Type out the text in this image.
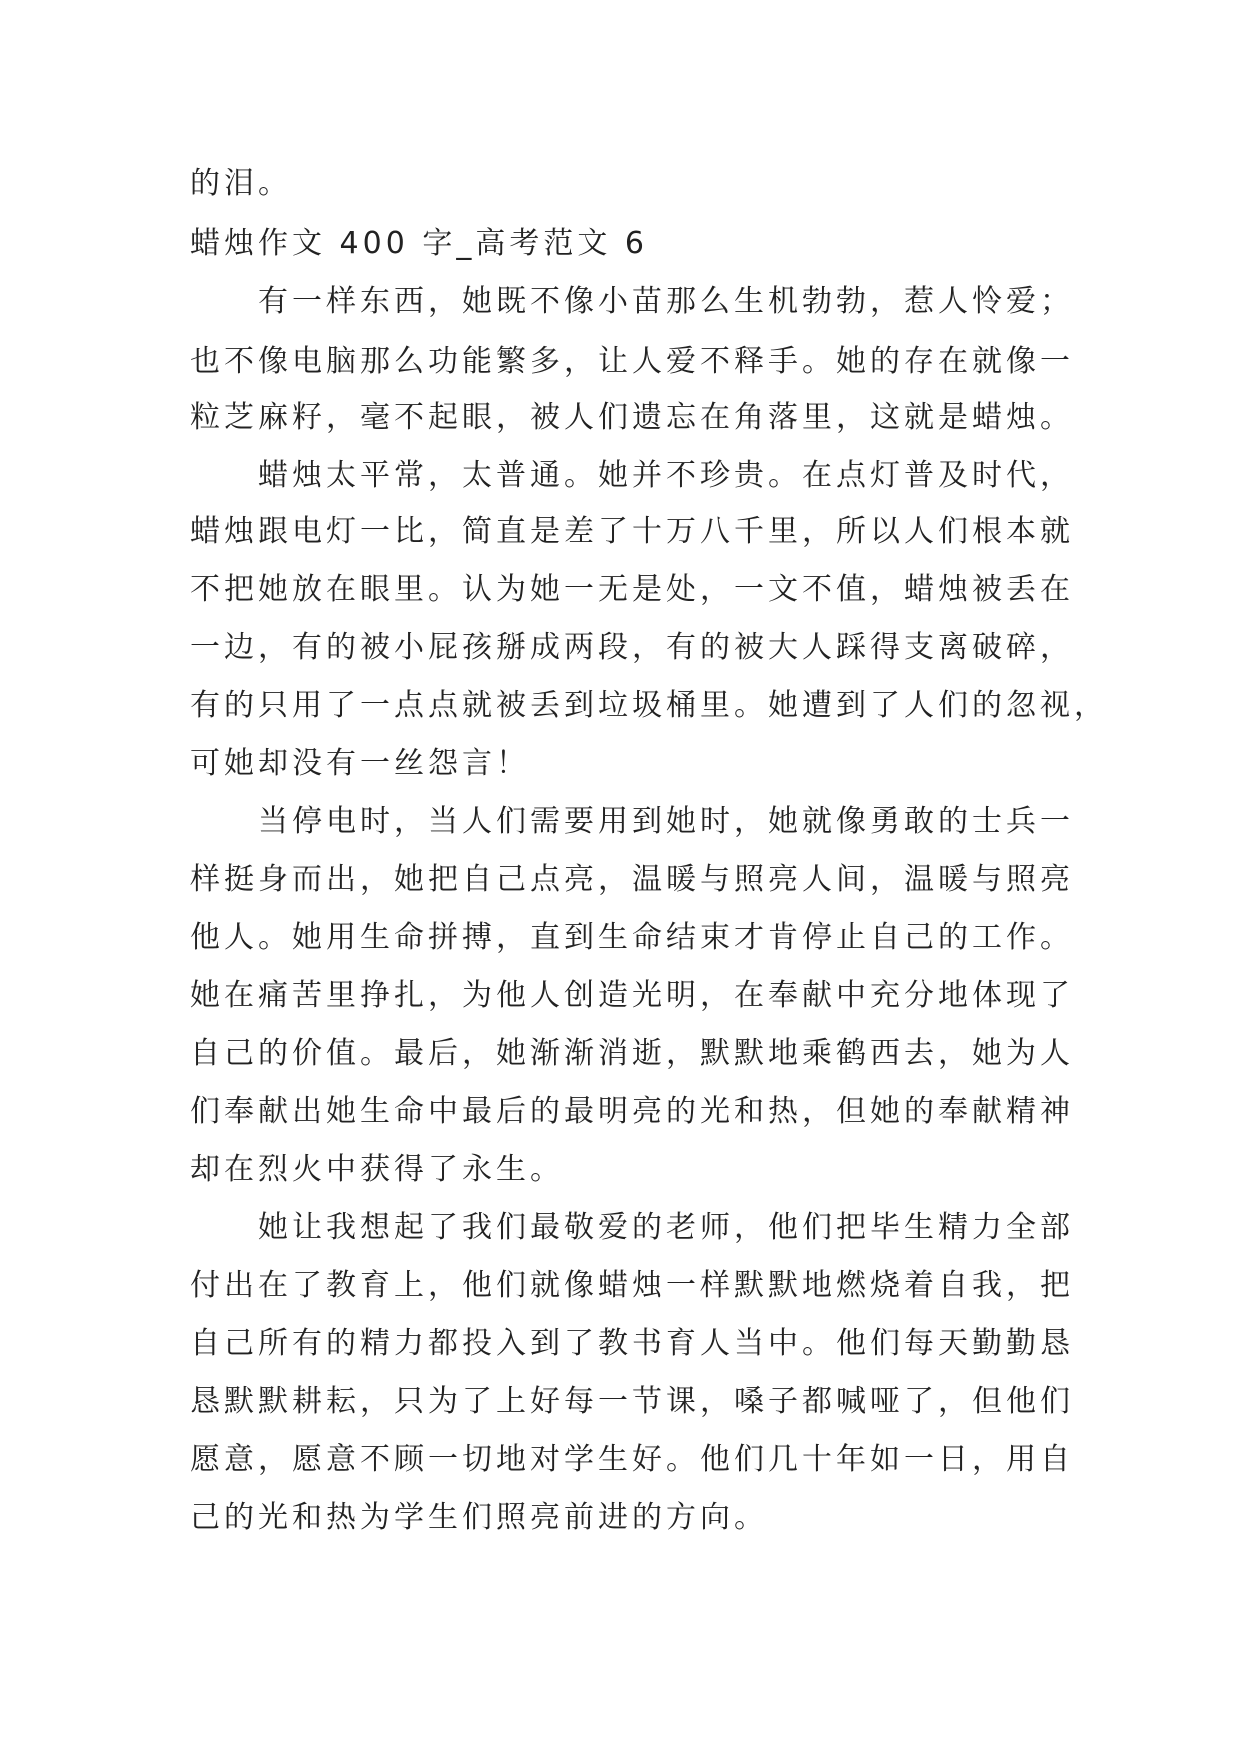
的泪。
蜡烛作文 400 字_高考范文 6
有一样东西，她既不像小苗那么生机勃勃，惹人怜爱；
也不像电脑那么功能繁多，让人爱不释手。她的存在就像一
粒芝麻籽，毫不起眼，被人们遗忘在角落里，这就是蜡烛。
蜡烛太平常，太普通。她并不珍贵。在点灯普及时代，
蜡烛跟电灯一比，简直是差了十万八千里，所以人们根本就
不把她放在眼里。认为她一无是处，一文不值，蜡烛被丢在
一边，有的被小屁孩掰成两段，有的被大人踩得支离破碎，
有的只用了一点点就被丢到垃圾桶里。她遭到了人们的忽视，
可她却没有一丝怨言！
当停电时，当人们需要用到她时，她就像勇敢的士兵一
样挺身而出，她把自己点亮，温暖与照亮人间，温暖与照亮
他人。她用生命拼搏，直到生命结束才肯停止自己的工作。
她在痛苦里挣扎，为他人创造光明，在奉献中充分地体现了
自己的价值。最后，她渐渐消逝，默默地乘鹤西去，她为人
们奉献出她生命中最后的最明亮的光和热，但她的奉献精神
却在烈火中获得了永生。
她让我想起了我们最敬爱的老师，他们把毕生精力全部
付出在了教育上，他们就像蜡烛一样默默地燃烧着自我，把
自己所有的精力都投入到了教书育人当中。他们每天勤勤恳
恳默默耕耘，只为了上好每一节课，嗓子都喊哑了，但他们
愿意，愿意不顾一切地对学生好。他们几十年如一日，用自
己的光和热为学生们照亮前进的方向。
